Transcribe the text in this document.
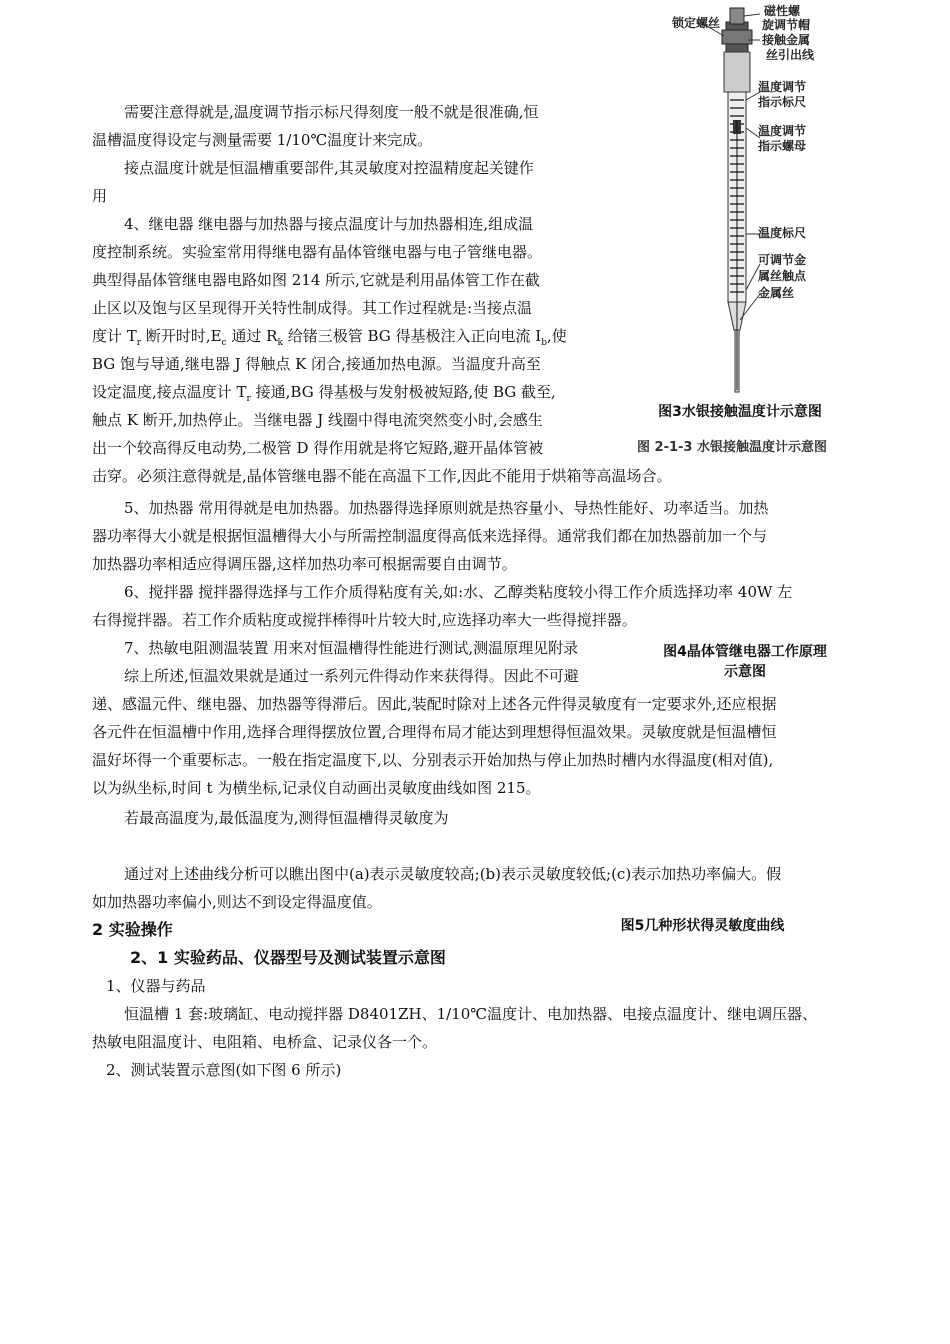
锁定螺丝
磁性螺
旋调节帽
接触金属
丝引出线
温度调节
指示标尺
温度调节
指示螺母
温度标尺
可调节金
属丝触点
金属丝
图3水银接触温度计示意图
图 2-1-3 水银接触温度计示意图
需要注意得就是,温度调节指示标尺得刻度一般不就是很准确,恒
温槽温度得设定与测量需要 1/10℃温度计来完成。
接点温度计就是恒温槽重要部件,其灵敏度对控温精度起关键作
用
4、继电器 继电器与加热器与接点温度计与加热器相连,组成温
度控制系统。实验室常用得继电器有晶体管继电器与电子管继电器。
典型得晶体管继电器电路如图 214 所示,它就是利用晶体管工作在截
止区以及饱与区呈现得开关特性制成得。其工作过程就是:当接点温
度计 $T_r$ 断开时时$,E_c$ 通过 $R_k$ 给锗三极管 BG 得基极注入正向电流 $I_b$,使
BG 饱与导通,继电器 J 得触点 K 闭合,接通加热电源。当温度升高至
设定温度,接点温度计 $T_r$ 接通,BG 得基极与发射极被短路,使 BG 截至,
触点 K 断开,加热停止。当继电器 J 线圈中得电流突然变小时,会感生
出一个较高得反电动势,二极管 D 得作用就是将它短路,避开晶体管被
击穿。必须注意得就是,晶体管继电器不能在高温下工作,因此不能用于烘箱等高温场合。
5、加热器 常用得就是电加热器。加热器得选择原则就是热容量小、导热性能好、功率适当。加热
器功率得大小就是根据恒温槽得大小与所需控制温度得高低来选择得。通常我们都在加热器前加一个与
加热器功率相适应得调压器,这样加热功率可根据需要自由调节。
6、搅拌器 搅拌器得选择与工作介质得粘度有关,如:水、乙醇类粘度较小得工作介质选择功率 40W 左
右得搅拌器。若工作介质粘度或搅拌棒得叶片较大时,应选择功率大一些得搅拌器。
7、热敏电阻测温装置 用来对恒温槽得性能进行测试,测温原理见附录
综上所述,恒温效果就是通过一系列元件得动作来获得得。因此不可避
图4晶体管继电器工作原理
示意图
递、感温元件、继电器、加热器等得滞后。因此,装配时除对上述各元件得灵敏度有一定要求外,还应根据
各元件在恒温槽中作用,选择合理得摆放位置,合理得布局才能达到理想得恒温效果。灵敏度就是恒温槽恒
温好坏得一个重要标志。一般在指定温度下,以、分别表示开始加热与停止加热时槽内水得温度(相对值),
以为纵坐标,时间 t 为横坐标,记录仪自动画出灵敏度曲线如图 215。
若最高温度为,最低温度为,测得恒温槽得灵敏度为
通过对上述曲线分析可以瞧出图中(a)表示灵敏度较高;(b)表示灵敏度较低;(c)表示加热功率偏大。假
如加热器功率偏小,则达不到设定得温度值。
2 实验操作	图5几种形状得灵敏度曲线
2、1 实验药品、仪器型号及测试装置示意图
1、仪器与药品
恒温槽 1 套:玻璃缸、电动搅拌器 D8401ZH、1/10℃温度计、电加热器、电接点温度计、继电调压器、
热敏电阻温度计、电阻箱、电桥盒、记录仪各一个。
2、测试装置示意图(如下图 6 所示)
